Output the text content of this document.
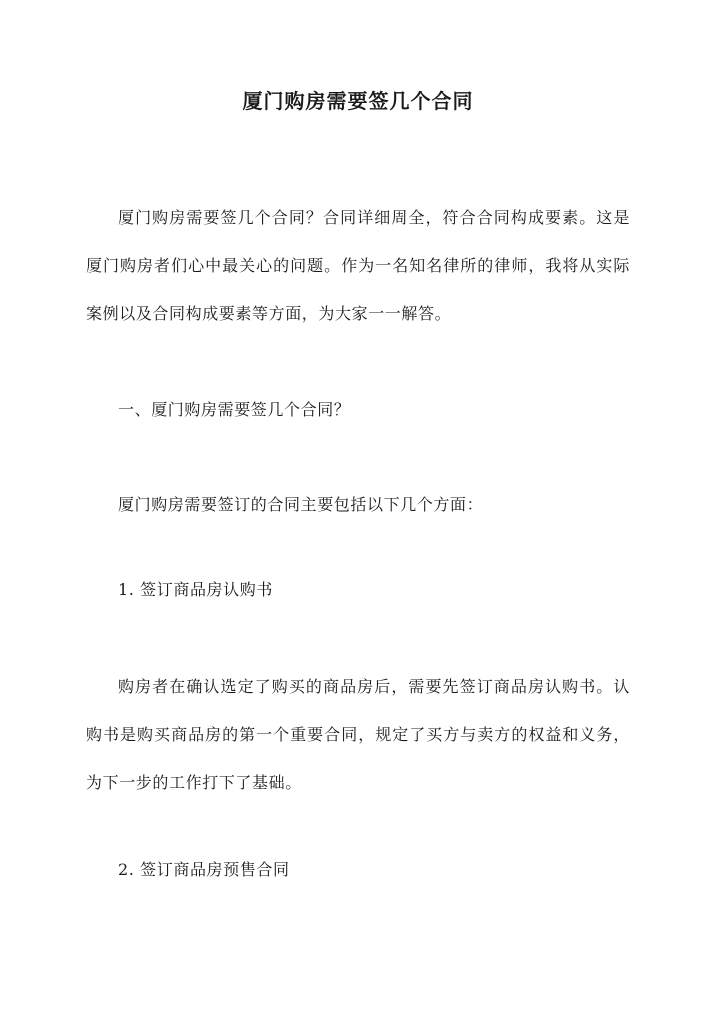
厦门购房需要签几个合同

厦门购房需要签几个合同？合同详细周全，符合合同构成要素。这是厦门购房者们心中最关心的问题。作为一名知名律所的律师，我将从实际案例以及合同构成要素等方面，为大家一一解答。

一、厦门购房需要签几个合同？

厦门购房需要签订的合同主要包括以下几个方面：

1. 签订商品房认购书

购房者在确认选定了购买的商品房后，需要先签订商品房认购书。认购书是购买商品房的第一个重要合同，规定了买方与卖方的权益和义务，为下一步的工作打下了基础。

2. 签订商品房预售合同
